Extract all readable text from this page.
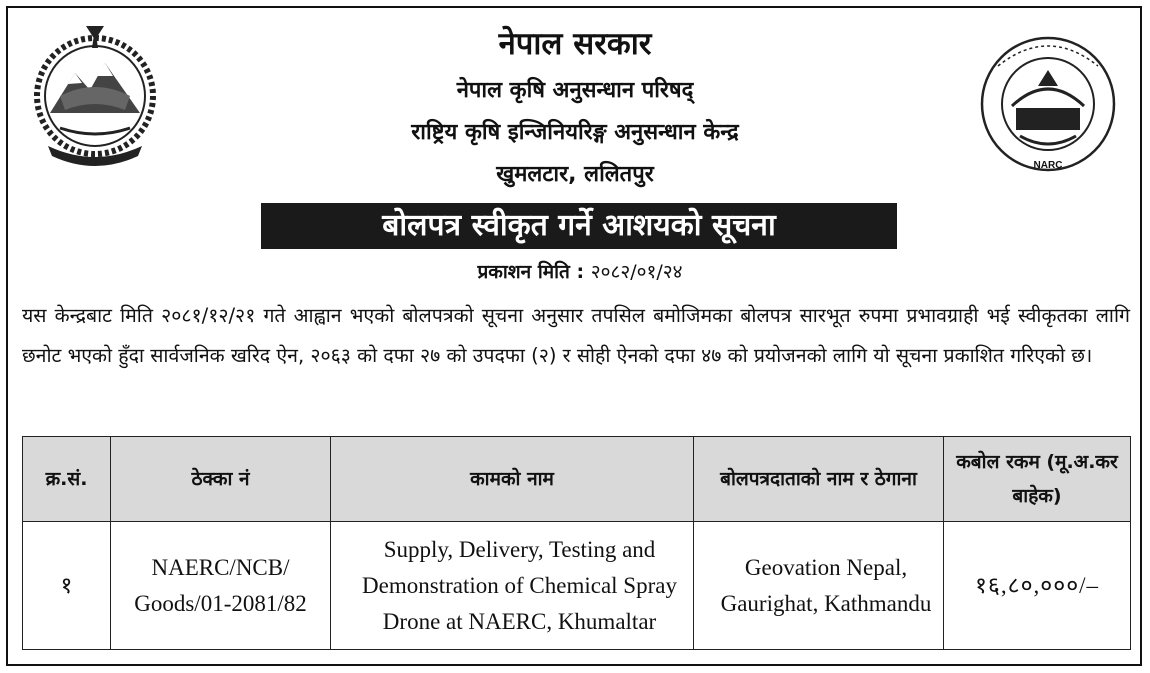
NARC
नेपाल सरकार
नेपाल कृषि अनुसन्धान परिषद्
राष्ट्रिय कृषि इन्जिनियरिङ्ग अनुसन्धान केन्द्र
खुमलटार, ललितपुर
बोलपत्र स्वीकृत गर्ने आशयको सूचना
प्रकाशन मिति : २०८२/०१/२४
यस केन्द्रबाट मिति २०८१/१२/२१ गते आह्वान भएको बोलपत्रको सूचना अनुसार तपसिल बमोजिमका बोलपत्र सारभूत रुपमा प्रभावग्राही भई स्वीकृतका लागि छनोट भएको हुँदा सार्वजनिक खरिद ऐन, २०६३ को दफा २७ को उपदफा (२) र सोही ऐनको दफा ४७ को प्रयोजनको लागि यो सूचना प्रकाशित गरिएको छ।
क्र.सं.	ठेक्का नं	कामको नाम	बोलपत्रदाताको नाम र ठेगाना	कबोल रकम (मू.अ.कर बाहेक)
१	NAERC/NCB/ Goods/01-2081/82	Supply, Delivery, Testing and Demonstration of Chemical Spray Drone at NAERC, Khumaltar	Geovation Nepal, Gaurighat, Kathmandu	१६,८०,०००/–
